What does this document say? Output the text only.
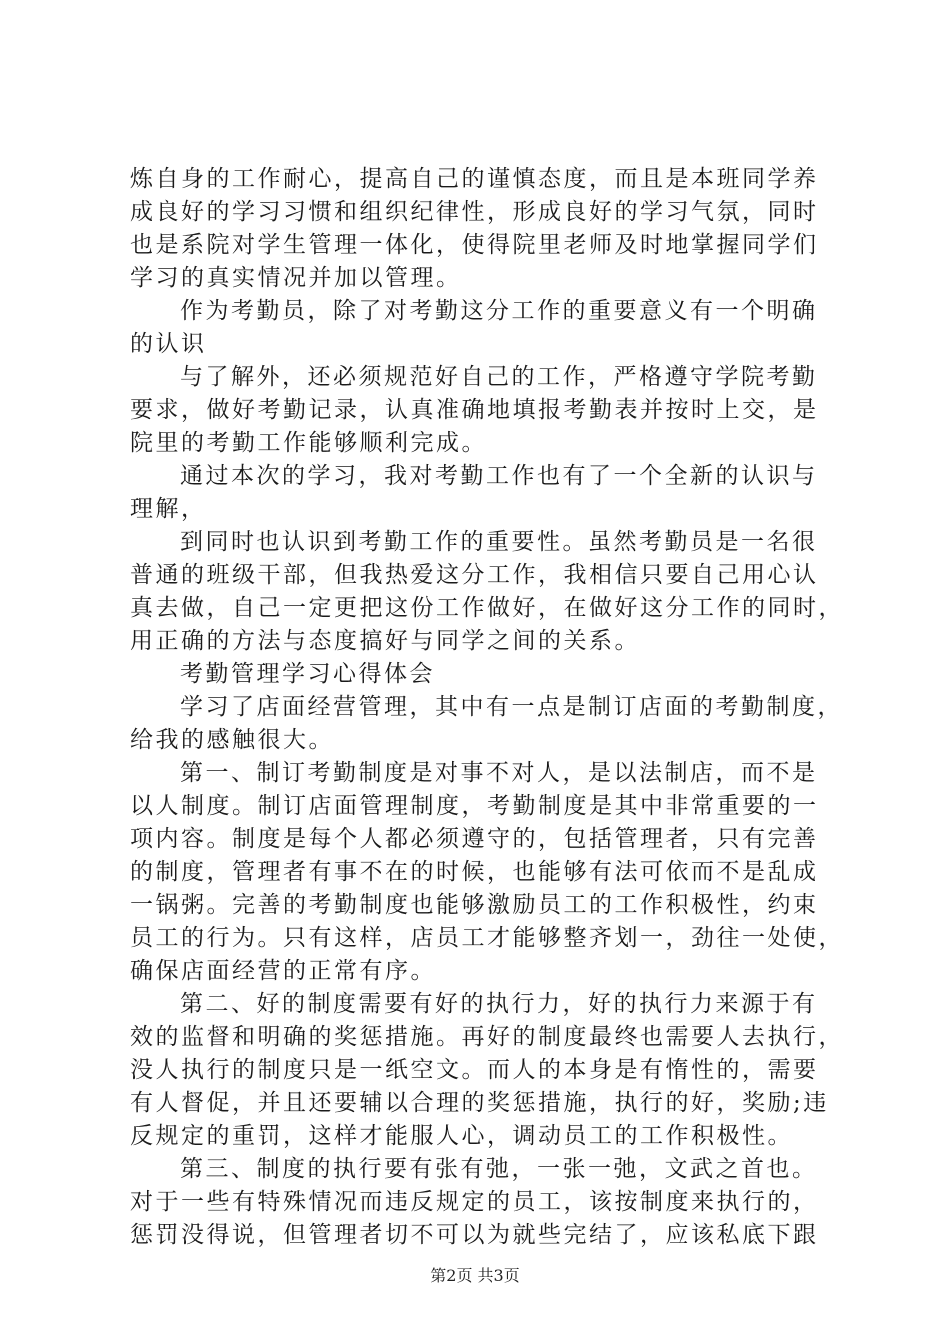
炼自身的工作耐心，提高自己的谨慎态度，而且是本班同学养
成良好的学习习惯和组织纪律性，形成良好的学习气氛，同时
也是系院对学生管理一体化，使得院里老师及时地掌握同学们
学习的真实情况并加以管理。
作为考勤员，除了对考勤这分工作的重要意义有一个明确
的认识
与了解外，还必须规范好自己的工作，严格遵守学院考勤
要求，做好考勤记录，认真准确地填报考勤表并按时上交，是
院里的考勤工作能够顺利完成。
通过本次的学习，我对考勤工作也有了一个全新的认识与
理解，
到同时也认识到考勤工作的重要性。虽然考勤员是一名很
普通的班级干部，但我热爱这分工作，我相信只要自己用心认
真去做，自己一定更把这份工作做好，在做好这分工作的同时，
用正确的方法与态度搞好与同学之间的关系。
考勤管理学习心得体会
学习了店面经营管理，其中有一点是制订店面的考勤制度，
给我的感触很大。
第一、制订考勤制度是对事不对人，是以法制店，而不是
以人制度。制订店面管理制度，考勤制度是其中非常重要的一
项内容。制度是每个人都必须遵守的，包括管理者，只有完善
的制度，管理者有事不在的时候，也能够有法可依而不是乱成
一锅粥。完善的考勤制度也能够激励员工的工作积极性，约束
员工的行为。只有这样，店员工才能够整齐划一，劲往一处使，
确保店面经营的正常有序。
第二、好的制度需要有好的执行力，好的执行力来源于有
效的监督和明确的奖惩措施。再好的制度最终也需要人去执行，
没人执行的制度只是一纸空文。而人的本身是有惰性的，需要
有人督促，并且还要辅以合理的奖惩措施，执行的好，奖励;违
反规定的重罚，这样才能服人心，调动员工的工作积极性。
第三、制度的执行要有张有弛，一张一弛，文武之首也。
对于一些有特殊情况而违反规定的员工，该按制度来执行的，
惩罚没得说，但管理者切不可以为就些完结了，应该私底下跟
第2页 共3页
